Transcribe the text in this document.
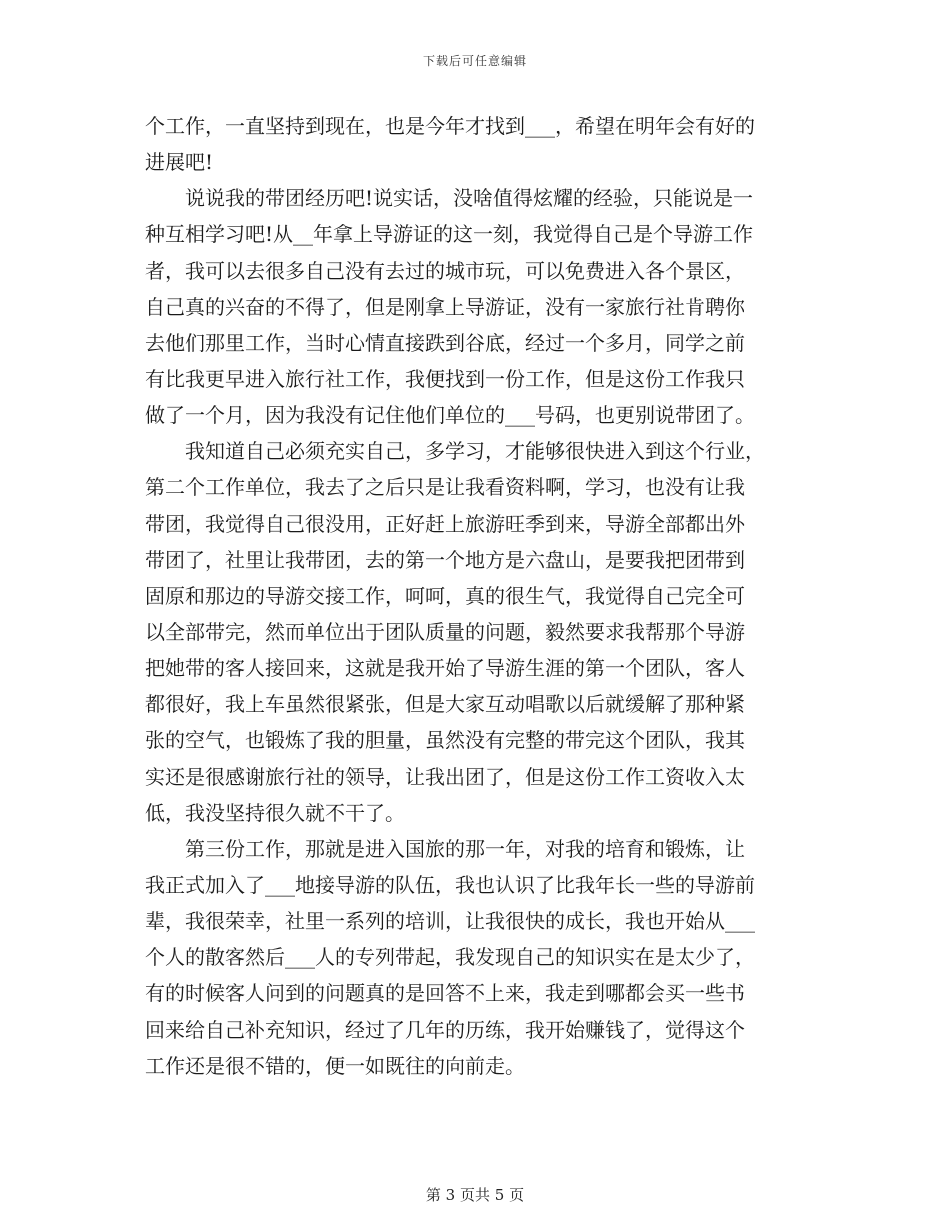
下载后可任意编辑
个工作，一直坚持到现在，也是今年才找到___，希望在明年会有好的
进展吧!
说说我的带团经历吧!说实话，没啥值得炫耀的经验，只能说是一
种互相学习吧!从__年拿上导游证的这一刻，我觉得自己是个导游工作
者，我可以去很多自己没有去过的城市玩，可以免费进入各个景区，
自己真的兴奋的不得了，但是刚拿上导游证，没有一家旅行社肯聘你
去他们那里工作，当时心情直接跌到谷底，经过一个多月，同学之前
有比我更早进入旅行社工作，我便找到一份工作，但是这份工作我只
做了一个月，因为我没有记住他们单位的___号码，也更别说带团了。
我知道自己必须充实自己，多学习，才能够很快进入到这个行业，
第二个工作单位，我去了之后只是让我看资料啊，学习，也没有让我
带团，我觉得自己很没用，正好赶上旅游旺季到来，导游全部都出外
带团了，社里让我带团，去的第一个地方是六盘山，是要我把团带到
固原和那边的导游交接工作，呵呵，真的很生气，我觉得自己完全可
以全部带完，然而单位出于团队质量的问题，毅然要求我帮那个导游
把她带的客人接回来，这就是我开始了导游生涯的第一个团队，客人
都很好，我上车虽然很紧张，但是大家互动唱歌以后就缓解了那种紧
张的空气，也锻炼了我的胆量，虽然没有完整的带完这个团队，我其
实还是很感谢旅行社的领导，让我出团了，但是这份工作工资收入太
低，我没坚持很久就不干了。
第三份工作，那就是进入国旅的那一年，对我的培育和锻炼，让
我正式加入了___地接导游的队伍，我也认识了比我年长一些的导游前
辈，我很荣幸，社里一系列的培训，让我很快的成长，我也开始从___
个人的散客然后___人的专列带起，我发现自己的知识实在是太少了，
有的时候客人问到的问题真的是回答不上来，我走到哪都会买一些书
回来给自己补充知识，经过了几年的历练，我开始赚钱了，觉得这个
工作还是很不错的，便一如既往的向前走。
第 3 页共 5 页
